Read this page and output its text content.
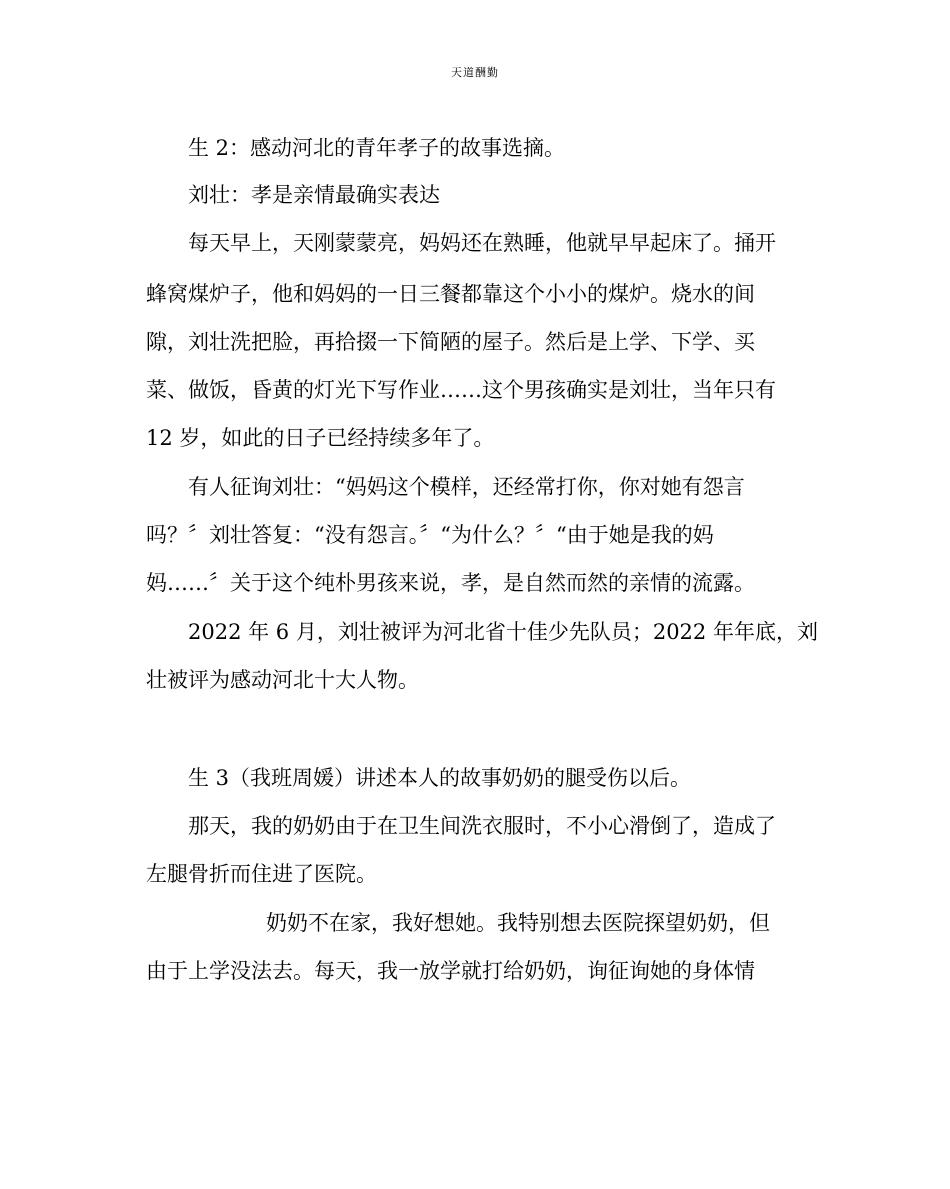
天道酬勤
生 2：感动河北的青年孝子的故事选摘。
刘壮：孝是亲情最确实表达
每天早上，天刚蒙蒙亮，妈妈还在熟睡，他就早早起床了。捅开
蜂窝煤炉子，他和妈妈的一日三餐都靠这个小小的煤炉。烧水的间
隙，刘壮洗把脸，再拾掇一下简陋的屋子。然后是上学、下学、买
菜、做饭，昏黄的灯光下写作业……这个男孩确实是刘壮，当年只有
12 岁，如此的日子已经持续多年了。
有人征询刘壮：“妈妈这个模样，还经常打你，你对她有怨言
吗？〞刘壮答复：“没有怨言。〞“为什么？〞“由于她是我的妈
妈……〞关于这个纯朴男孩来说，孝，是自然而然的亲情的流露。
2022 年 6 月，刘壮被评为河北省十佳少先队员；2022 年年底，刘
壮被评为感动河北十大人物。
生 3（我班周媛）讲述本人的故事奶奶的腿受伤以后。
那天，我的奶奶由于在卫生间洗衣服时，不小心滑倒了，造成了
左腿骨折而住进了医院。
奶奶不在家，我好想她。我特别想去医院探望奶奶，但
由于上学没法去。每天，我一放学就打给奶奶，询征询她的身体情
